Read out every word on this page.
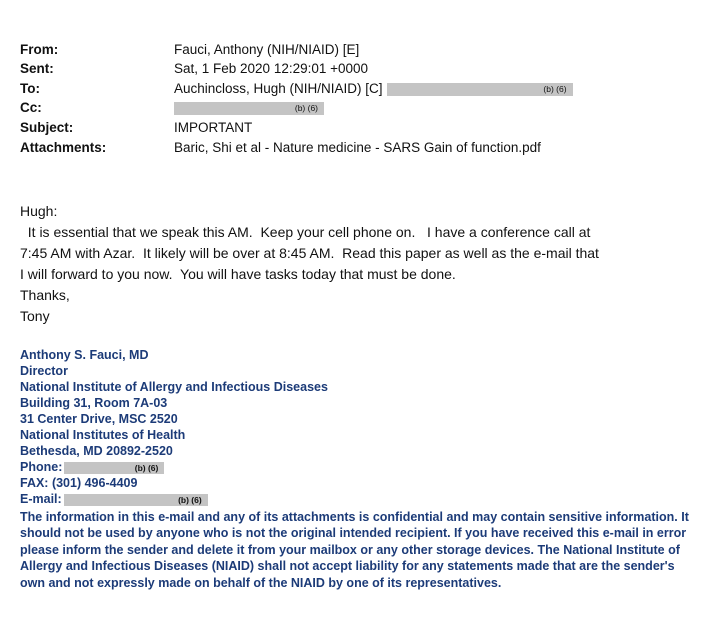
From:	Fauci, Anthony (NIH/NIAID) [E]
Sent:	Sat, 1 Feb 2020 12:29:01 +0000
To:	Auchincloss, Hugh (NIH/NIAID) [C]	(b) (6)
Cc:	(b) (6)
Subject:	IMPORTANT
Attachments:	Baric, Shi et al - Nature medicine - SARS Gain of function.pdf
Hugh:
It is essential that we speak this AM.  Keep your cell phone on.   I have a conference call at
7:45 AM with Azar.  It likely will be over at 8:45 AM.  Read this paper as well as the e-mail that
I will forward to you now.  You will have tasks today that must be done.
Thanks,
Tony
Anthony S. Fauci, MD
Director
National Institute of Allergy and Infectious Diseases
Building 31, Room 7A-03
31 Center Drive, MSC 2520
National Institutes of Health
Bethesda, MD 20892-2520
Phone:	(b) (6)
FAX: (301) 496-4409
E-mail:	(b) (6)
The information in this e-mail and any of its attachments is confidential and may contain sensitive information. It should not be used by anyone who is not the original intended recipient. If you have received this e-mail in error please inform the sender and delete it from your mailbox or any other storage devices. The National Institute of Allergy and Infectious Diseases (NIAID) shall not accept liability for any statements made that are the sender's own and not expressly made on behalf of the NIAID by one of its representatives.
